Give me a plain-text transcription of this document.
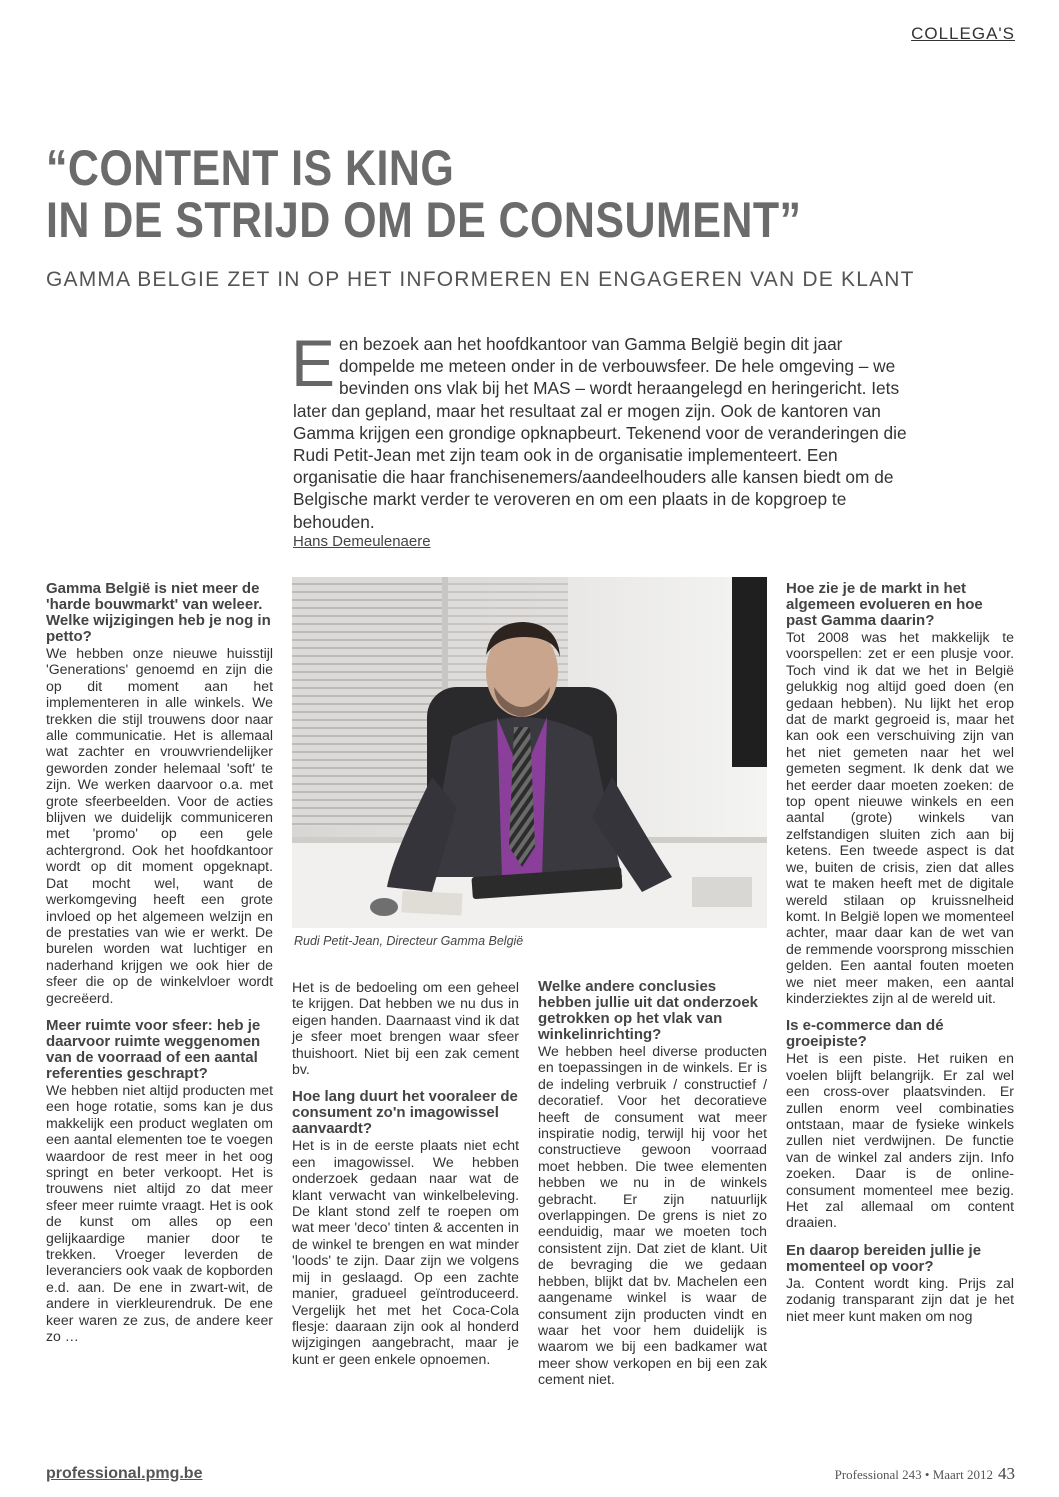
COLLEGA'S
“CONTENT IS KING
IN DE STRIJD OM DE CONSUMENT”
GAMMA BELGIE ZET IN OP HET INFORMEREN EN ENGAGEREN VAN DE KLANT
Een bezoek aan het hoofdkantoor van Gamma België begin dit jaar dompelde me meteen onder in de verbouwsfeer. De hele omgeving – we bevinden ons vlak bij het MAS – wordt heraangelegd en heringericht. Iets later dan gepland, maar het resultaat zal er mogen zijn. Ook de kantoren van Gamma krijgen een grondige opknapbeurt. Tekenend voor de veranderingen die Rudi Petit-Jean met zijn team ook in de organisatie implementeert. Een organisatie die haar franchisenemers/aandeelhouders alle kansen biedt om de Belgische markt verder te veroveren en om een plaats in de kopgroep te behouden.
Hans Demeulenaere
Gamma België is niet meer de 'harde bouwmarkt' van weleer. Welke wijzigingen heb je nog in petto?

We hebben onze nieuwe huisstijl 'Generations' genoemd en zijn die op dit moment aan het implementeren in alle winkels. We trekken die stijl trouwens door naar alle communicatie. Het is allemaal wat zachter en vrouwvriendelijker geworden zonder helemaal 'soft' te zijn. We werken daarvoor o.a. met grote sfeerbeelden. Voor de acties blijven we duidelijk communiceren met 'promo' op een gele achtergrond. Ook het hoofdkantoor wordt op dit moment opgeknapt. Dat mocht wel, want de werkomgeving heeft een grote invloed op het algemeen welzijn en de prestaties van wie er werkt. De burelen worden wat luchtiger en naderhand krijgen we ook hier de sfeer die op de winkelvloer wordt gecreëerd.

Meer ruimte voor sfeer: heb je daarvoor ruimte weggenomen van de voorraad of een aantal referenties geschrapt?

We hebben niet altijd producten met een hoge rotatie, soms kan je dus makkelijk een product weglaten om een aantal elementen toe te voegen waardoor de rest meer in het oog springt en beter verkoopt. Het is trouwens niet altijd zo dat meer sfeer meer ruimte vraagt. Het is ook de kunst om alles op een gelijkaardige manier door te trekken. Vroeger leverden de leveranciers ook vaak de kopborden e.d. aan. De ene in zwart-wit, de andere in vierkleurendruk. De ene keer waren ze zus, de andere keer zo …

Rudi Petit-Jean, Directeur Gamma België

Het is de bedoeling om een geheel te krijgen. Dat hebben we nu dus in eigen handen. Daarnaast vind ik dat je sfeer moet brengen waar sfeer thuishoort. Niet bij een zak cement bv.

Hoe lang duurt het vooraleer de consument zo'n imagowissel aanvaardt?

Het is in de eerste plaats niet echt een imagowissel. We hebben onderzoek gedaan naar wat de klant verwacht van winkelbeleving. De klant stond zelf te roepen om wat meer 'deco' tinten & accenten in de winkel te brengen en wat minder 'loods' te zijn. Daar zijn we volgens mij in geslaagd. Op een zachte manier, gradueel geïntroduceerd. Vergelijk het met het Coca-Cola flesje: daaraan zijn ook al honderd wijzigingen aangebracht, maar je kunt er geen enkele opnoemen.

Welke andere conclusies hebben jullie uit dat onderzoek getrokken op het vlak van winkelinrichting?

We hebben heel diverse producten en toepassingen in de winkels. Er is de indeling verbruik / constructief / decoratief. Voor het decoratieve heeft de consument wat meer inspiratie nodig, terwijl hij voor het constructieve gewoon voorraad moet hebben. Die twee elementen hebben we nu in de winkels gebracht. Er zijn natuurlijk overlappingen. De grens is niet zo eenduidig, maar we moeten toch consistent zijn. Dat ziet de klant. Uit de bevraging die we gedaan hebben, blijkt dat bv. Machelen een aangename winkel is waar de consument zijn producten vindt en waar het voor hem duidelijk is waarom we bij een badkamer wat meer show verkopen en bij een zak cement niet.

Hoe zie je de markt in het algemeen evolueren en hoe past Gamma daarin?

Tot 2008 was het makkelijk te voorspellen: zet er een plusje voor. Toch vind ik dat we het in België gelukkig nog altijd goed doen (en gedaan hebben). Nu lijkt het erop dat de markt gegroeid is, maar het kan ook een verschuiving zijn van het niet gemeten naar het wel gemeten segment. Ik denk dat we het eerder daar moeten zoeken: de top opent nieuwe winkels en een aantal (grote) winkels van zelfstandigen sluiten zich aan bij ketens. Een tweede aspect is dat we, buiten de crisis, zien dat alles wat te maken heeft met de digitale wereld stilaan op kruissnelheid komt. In België lopen we momenteel achter, maar daar kan de wet van de remmende voorsprong misschien gelden. Een aantal fouten moeten we niet meer maken, een aantal kinderziektes zijn al de wereld uit.

Is e-commerce dan dé groeipiste?

Het is een piste. Het ruiken en voelen blijft belangrijk. Er zal wel een cross-over plaatsvinden. Er zullen enorm veel combinaties ontstaan, maar de fysieke winkels zullen niet verdwijnen. De functie van de winkel zal anders zijn. Info zoeken. Daar is de online-consument momenteel mee bezig. Het zal allemaal om content draaien.

En daarop bereiden jullie je momenteel op voor?

Ja. Content wordt king. Prijs zal zodanig transparant zijn dat je het niet meer kunt maken om nog

professional.pmg.be	Professional 243 • Maart 2012 43
